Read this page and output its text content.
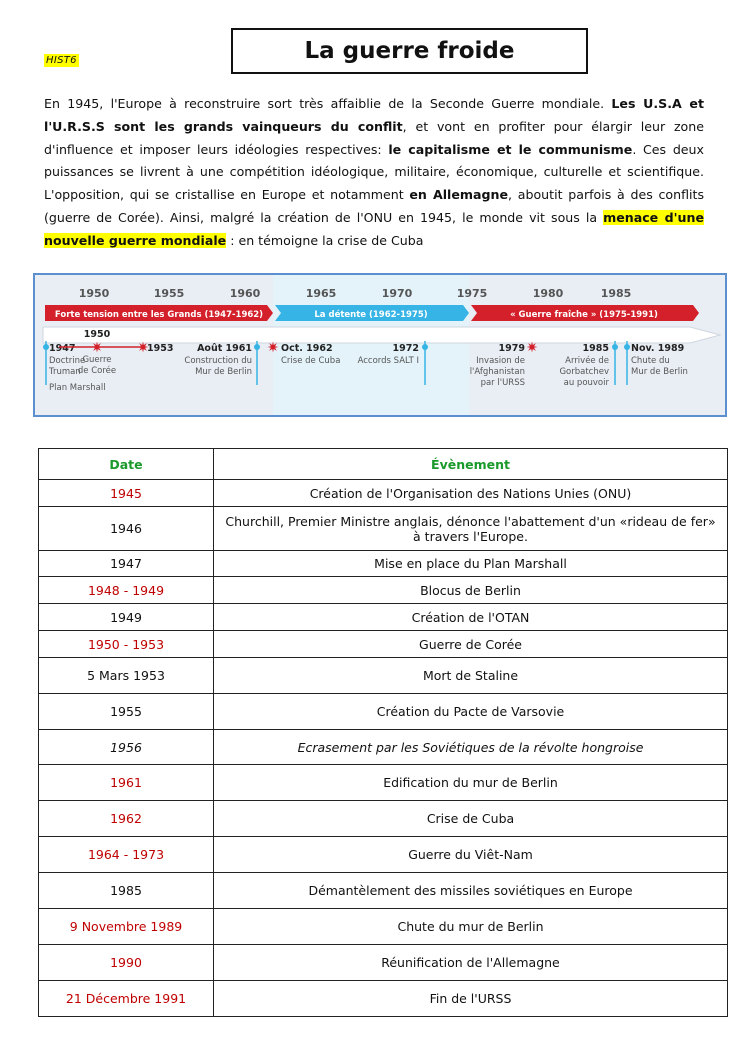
HIST6	La guerre froide
En 1945, l'Europe à reconstruire sort très affaiblie de la Seconde Guerre mondiale. Les U.S.A et l'U.R.S.S sont les grands vainqueurs du conflit, et vont en profiter pour élargir leur zone d'influence et imposer leurs idéologies respectives: le capitalisme et le communisme. Ces deux puissances se livrent à une compétition idéologique, militaire, économique, culturelle et scientifique. L'opposition, qui se cristallise en Europe et notamment en Allemagne, aboutit parfois à des conflits (guerre de Corée). Ainsi, malgré la création de l'ONU en 1945, le monde vit sous la menace d'une nouvelle guerre mondiale : en témoigne la crise de Cuba
1950	1955	1960	1965	1970	1975	1980	1985
Forte tension entre les Grands (1947-1962)	La détente (1962-1975)	« Guerre fraîche » (1975-1991)
1947
Doctrine
Truman
Plan Marshall
1950
Guerre
de Corée
1953 Août 1961
Construction du
Mur de Berlin
Oct. 1962
Crise de Cuba
1972
Accords SALT I
1979
Invasion de
l'Afghanistan
par l'URSS
1985
Arrivée de
Gorbatchev
au pouvoir
Nov. 1989
Chute du
Mur de Berlin
Date	Évènement
1945	Création de l'Organisation des Nations Unies (ONU)
1946	Churchill, Premier Ministre anglais, dénonce l'abattement d'un «rideau de fer» à travers l'Europe.
1947	Mise en place du Plan Marshall
1948 - 1949	Blocus de Berlin
1949	Création de l'OTAN
1950 - 1953	Guerre de Corée
5 Mars 1953	Mort de Staline
1955	Création du Pacte de Varsovie
1956	Ecrasement par les Soviétiques de la révolte hongroise
1961	Edification du mur de Berlin
1962	Crise de Cuba
1964 - 1973	Guerre du Viêt-Nam
1985	Démantèlement des missiles soviétiques en Europe
9 Novembre 1989	Chute du mur de Berlin
1990	Réunification de l'Allemagne
21 Décembre 1991	Fin de l'URSS
